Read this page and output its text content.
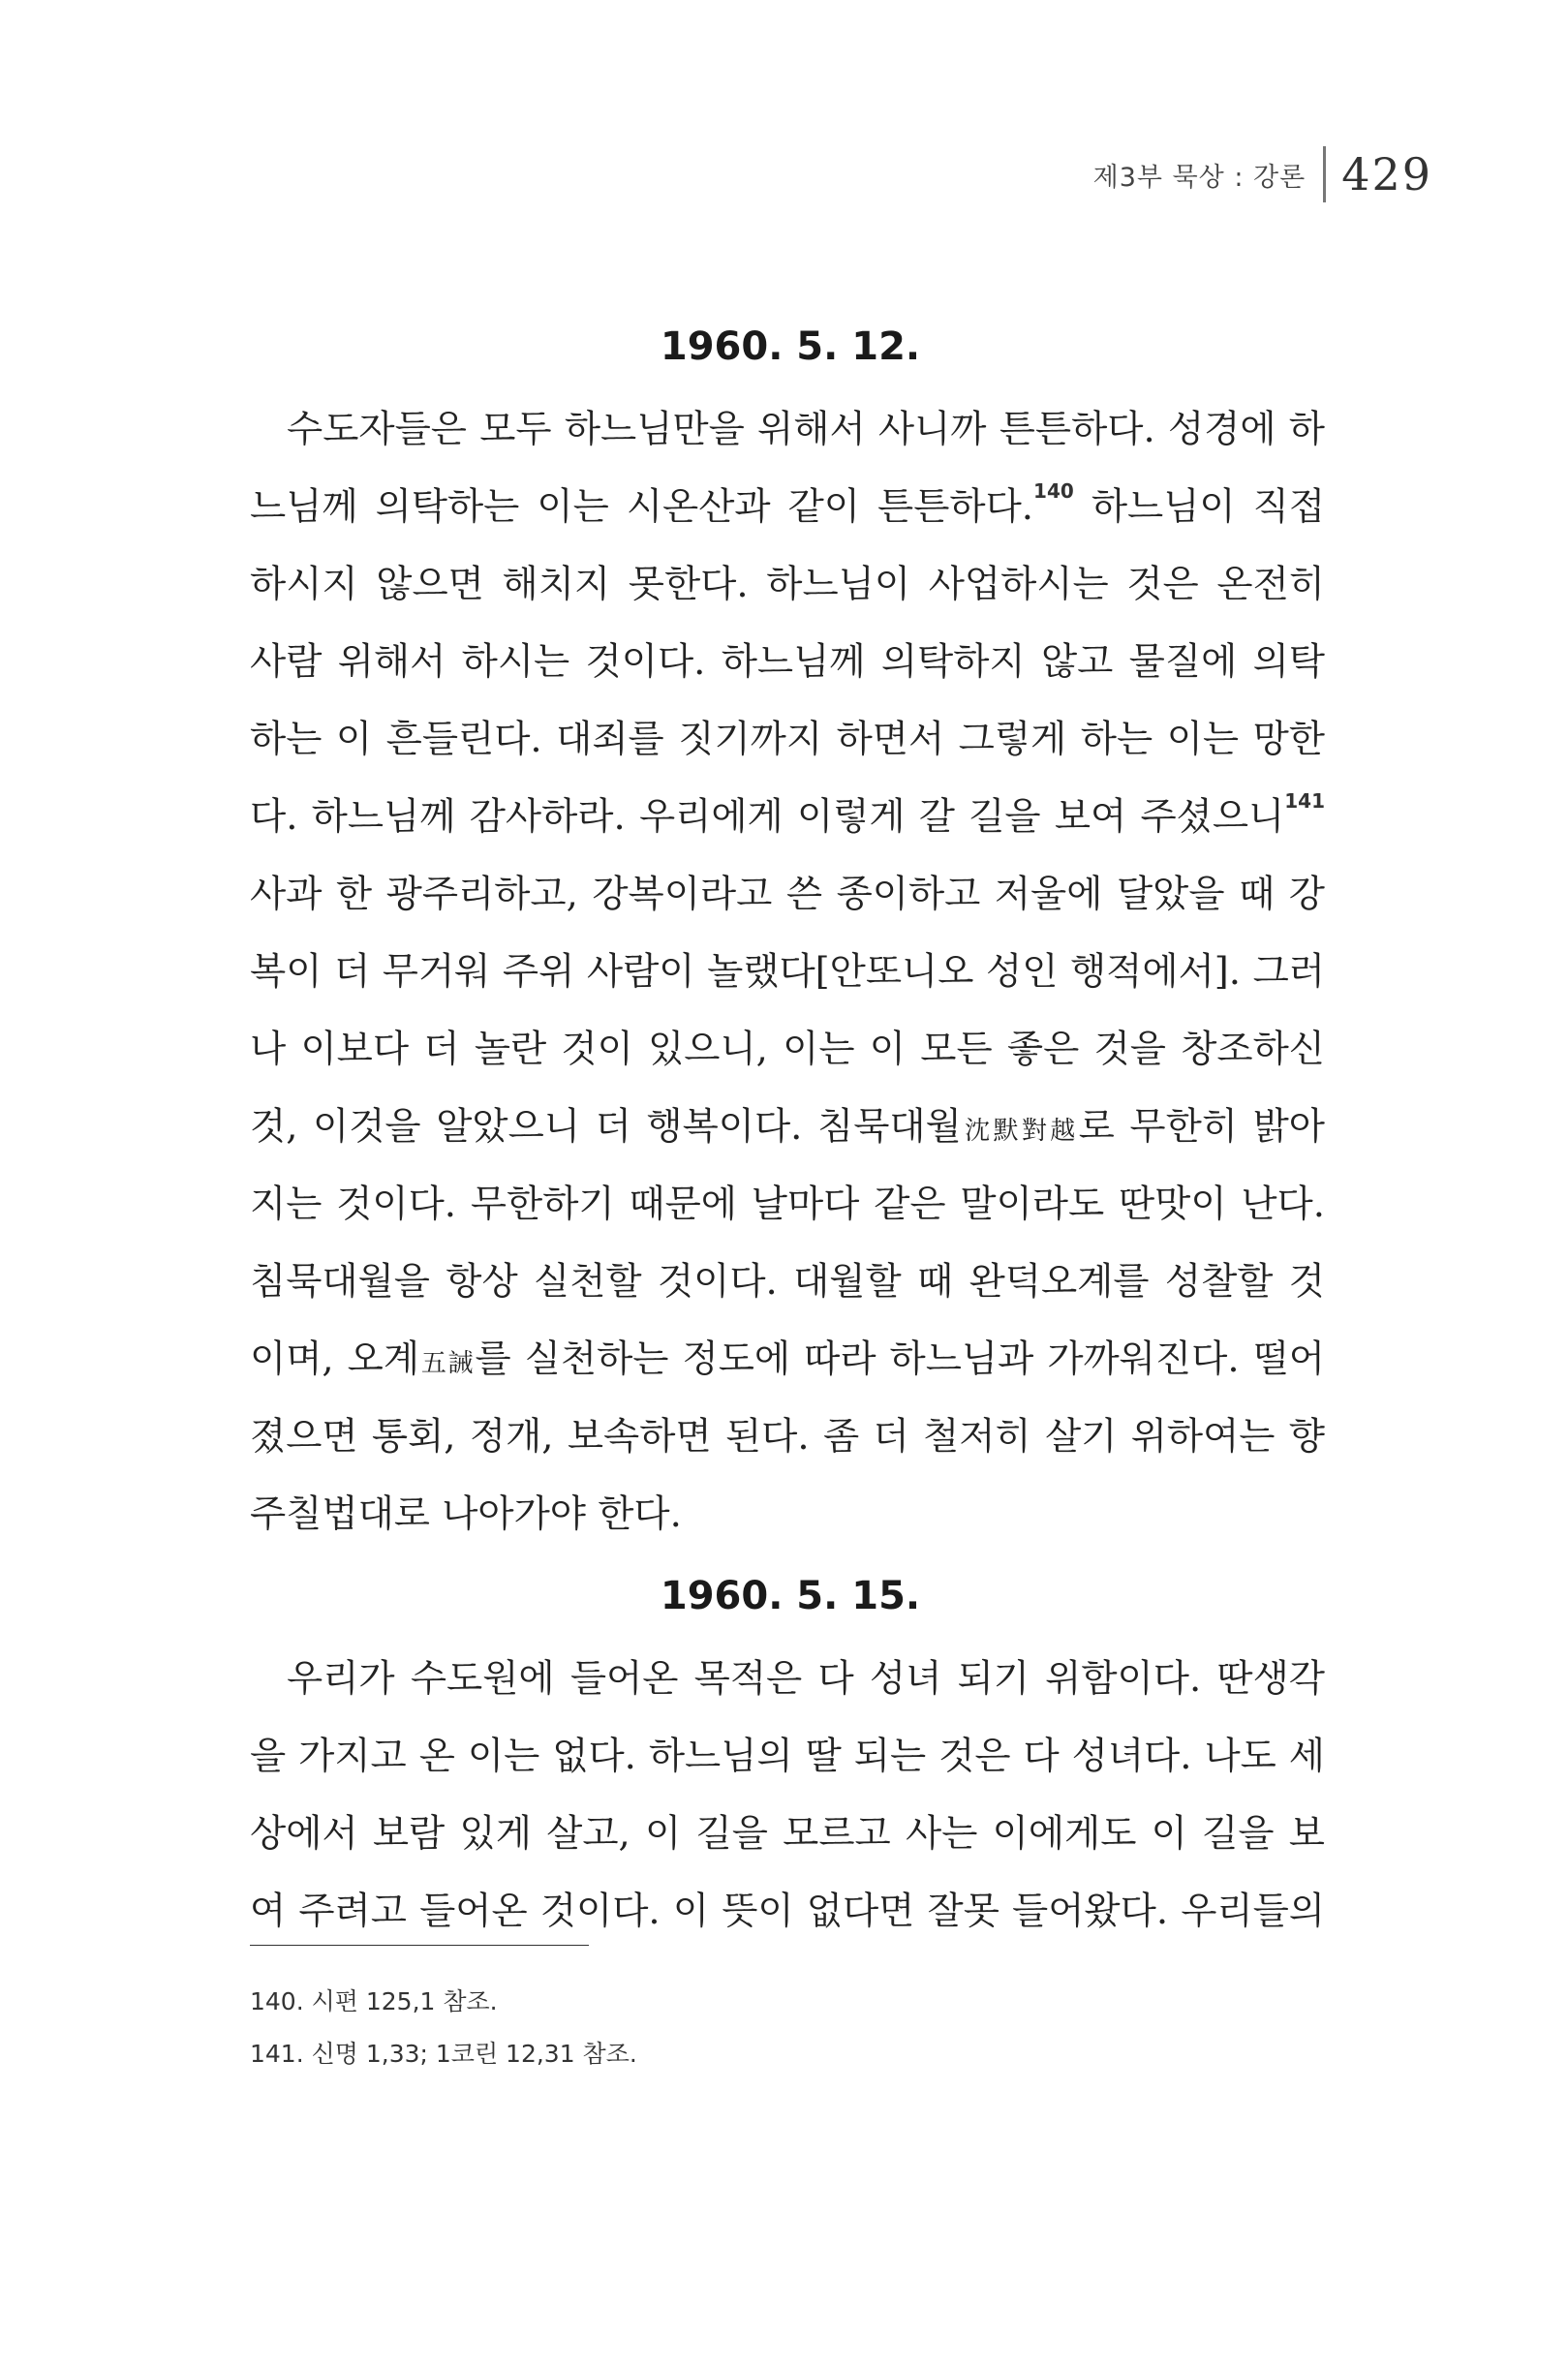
제3부 묵상 : 강론 429
1960. 5. 12.
수도자들은 모두 하느님만을 위해서 사니까 튼튼하다. 성경에 하
느님께 의탁하는 이는 시온산과 같이 튼튼하다.$^{140}$ 하느님이 직접
하시지 않으면 해치지 못한다. 하느님이 사업하시는 것은 온전히
사람 위해서 하시는 것이다. 하느님께 의탁하지 않고 물질에 의탁
하는 이 흔들린다. 대죄를 짓기까지 하면서 그렇게 하는 이는 망한
다. 하느님께 감사하라. 우리에게 이렇게 갈 길을 보여 주셨으니$^{141}$
사과 한 광주리하고, 강복이라고 쓴 종이하고 저울에 달았을 때 강
복이 더 무거워 주위 사람이 놀랬다[안또니오 성인 행적에서]. 그러
나 이보다 더 놀란 것이 있으니, 이는 이 모든 좋은 것을 창조하신
것, 이것을 알았으니 더 행복이다. 침묵대월沈默對越로 무한히 밝아
지는 것이다. 무한하기 때문에 날마다 같은 말이라도 딴맛이 난다.
침묵대월을 항상 실천할 것이다. 대월할 때 완덕오계를 성찰할 것
이며, 오계五誡를 실천하는 정도에 따라 하느님과 가까워진다. 떨어
졌으면 통회, 정개, 보속하면 된다. 좀 더 철저히 살기 위하여는 향
주칠법대로 나아가야 한다.
1960. 5. 15.
우리가 수도원에 들어온 목적은 다 성녀 되기 위함이다. 딴생각
을 가지고 온 이는 없다. 하느님의 딸 되는 것은 다 성녀다. 나도 세
상에서 보람 있게 살고, 이 길을 모르고 사는 이에게도 이 길을 보
여 주려고 들어온 것이다. 이 뜻이 없다면 잘못 들어왔다. 우리들의
140. 시편 125,1 참조.
141. 신명 1,33; 1코린 12,31 참조.
